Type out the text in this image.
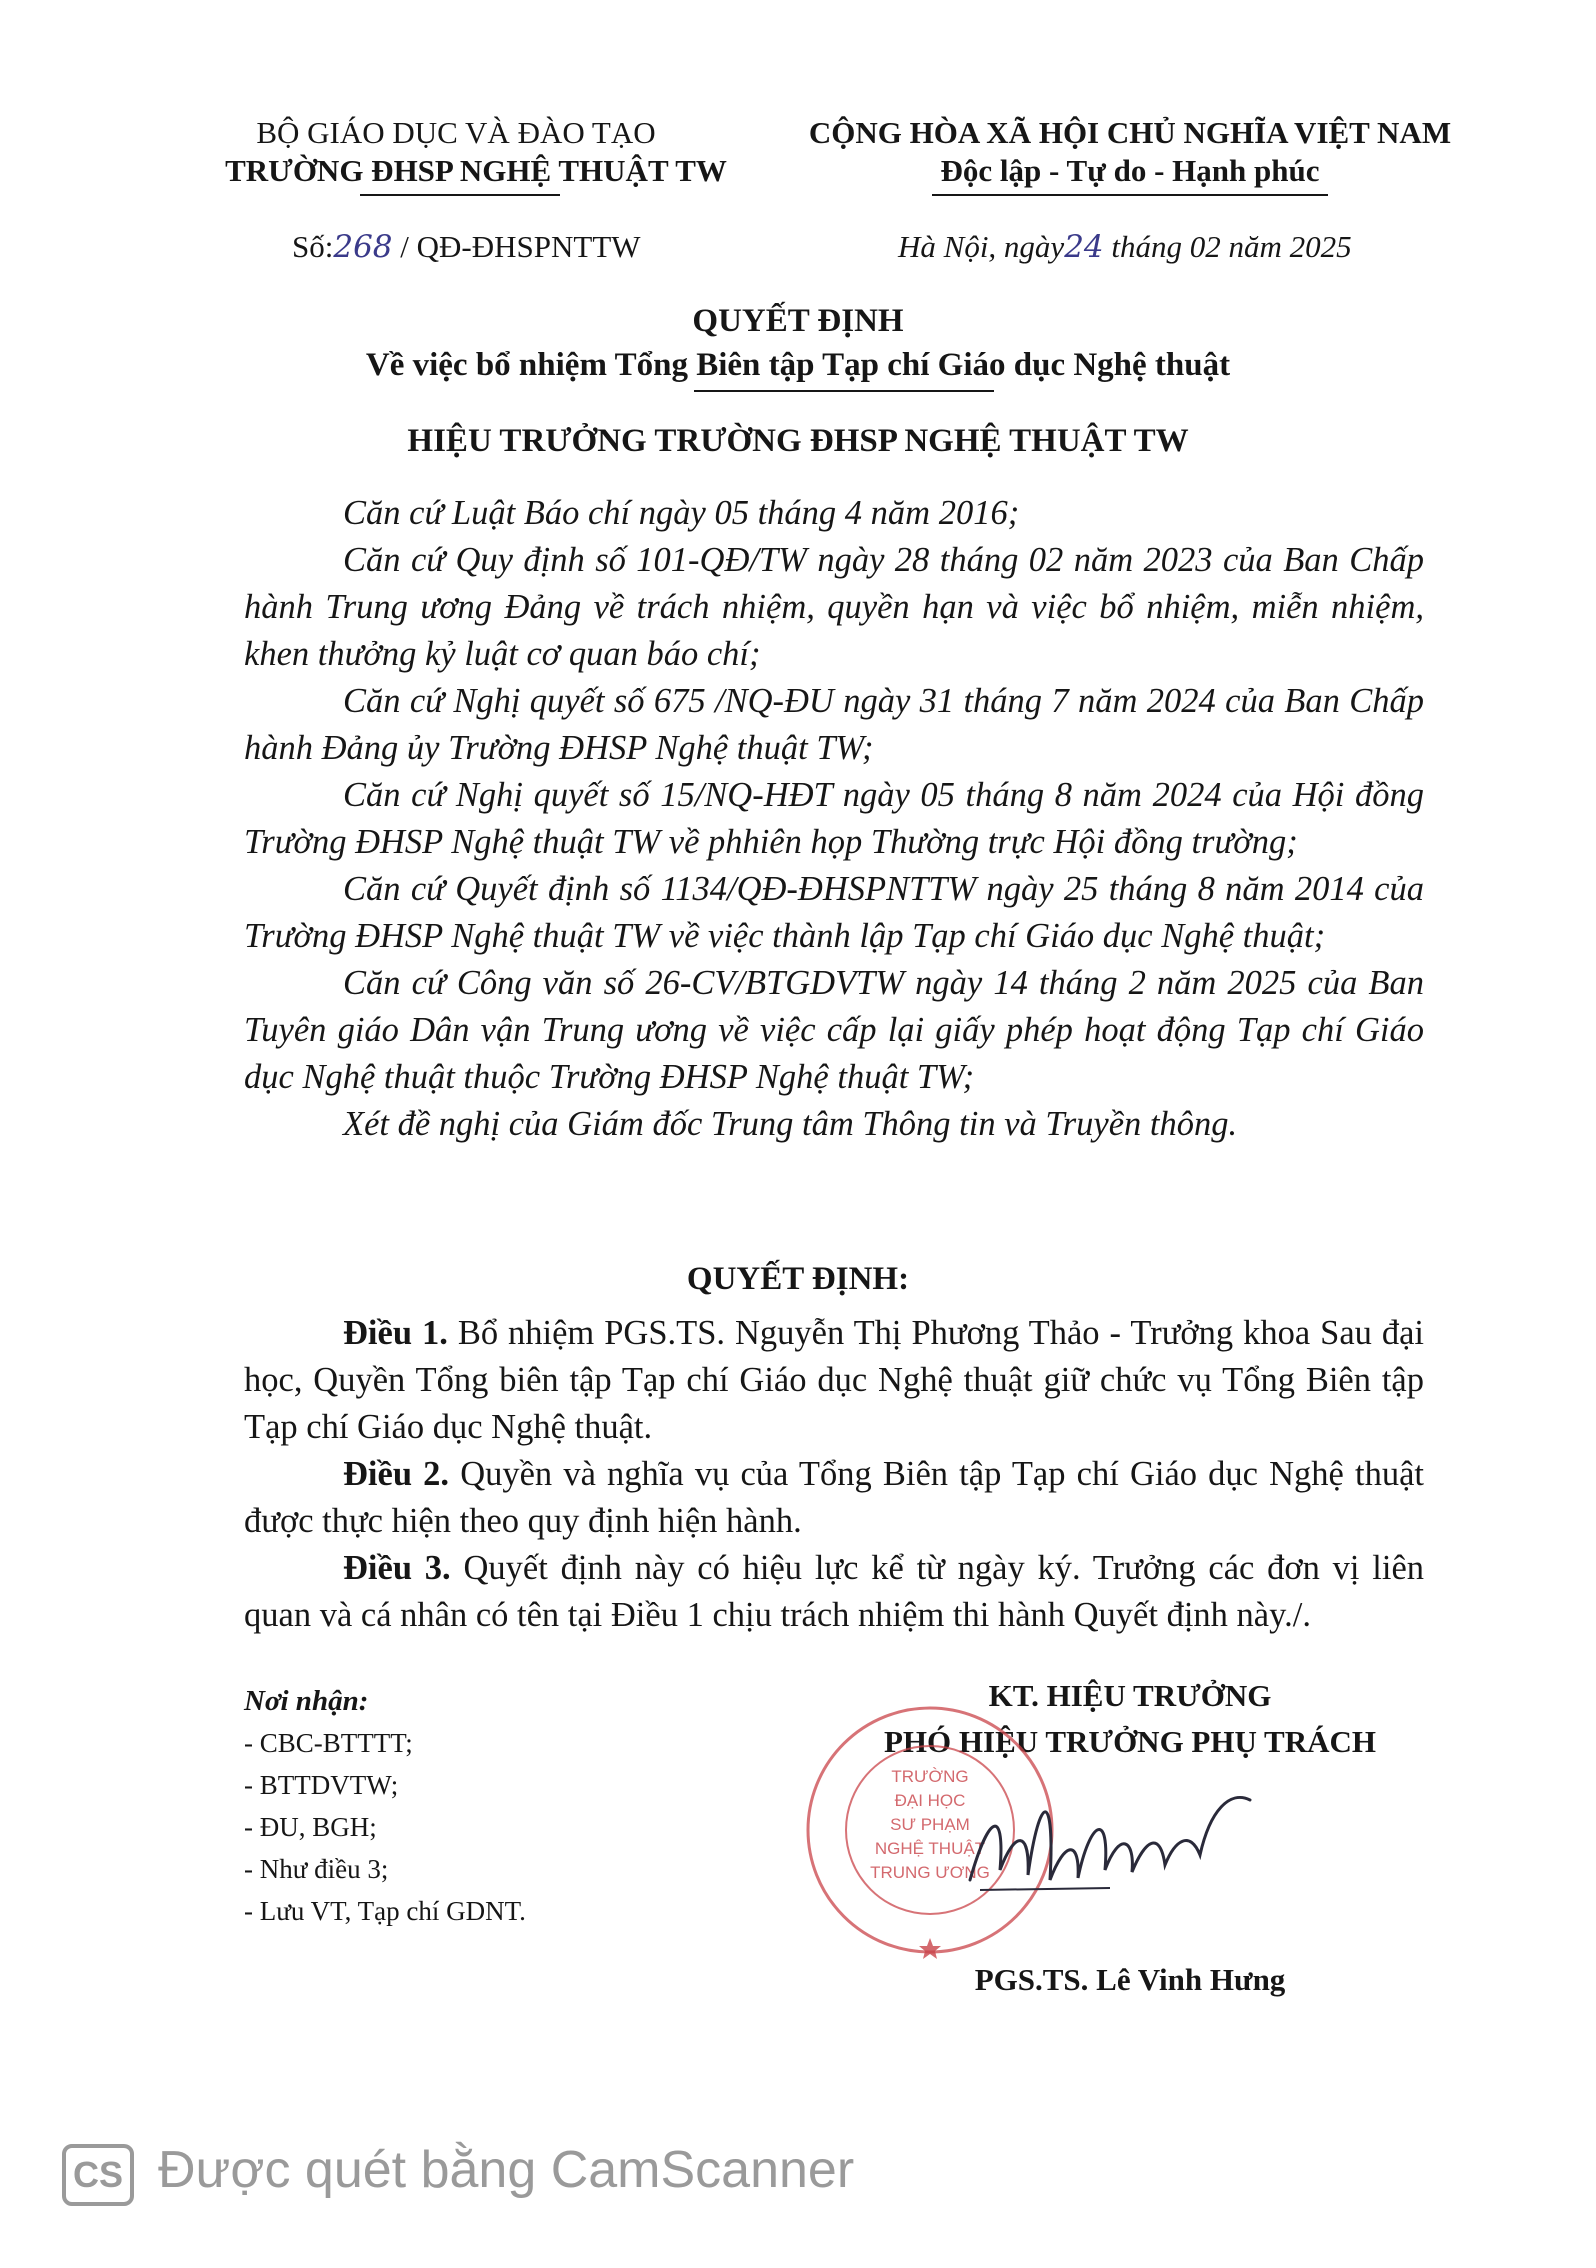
BỘ GIÁO DỤC VÀ ĐÀO TẠO
TRƯỜNG ĐHSP NGHỆ THUẬT TW
CỘNG HÒA XÃ HỘI CHỦ NGHĨA VIỆT NAM
Độc lập - Tự do - Hạnh phúc
Số:268 / QĐ-ĐHSPNTTW	Hà Nội, ngày24 tháng 02 năm 2025
QUYẾT ĐỊNH
Về việc bổ nhiệm Tổng Biên tập Tạp chí Giáo dục Nghệ thuật
HIỆU TRƯỞNG TRƯỜNG ĐHSP NGHỆ THUẬT TW

Căn cứ Luật Báo chí ngày 05 tháng 4 năm 2016;

Căn cứ Quy định số 101-QĐ/TW ngày 28 tháng 02 năm 2023 của Ban Chấp hành Trung ương Đảng về trách nhiệm, quyền hạn và việc bổ nhiệm, miễn nhiệm, khen thưởng kỷ luật cơ quan báo chí;

Căn cứ Nghị quyết số 675 /NQ-ĐU ngày 31 tháng 7 năm 2024 của Ban Chấp hành Đảng ủy Trường ĐHSP Nghệ thuật TW;

Căn cứ Nghị quyết số 15/NQ-HĐT ngày 05 tháng 8 năm 2024 của Hội đồng Trường ĐHSP Nghệ thuật TW về phhiên họp Thường trực Hội đồng trường;

Căn cứ Quyết định số 1134/QĐ-ĐHSPNTTW ngày 25 tháng 8 năm 2014 của Trường ĐHSP Nghệ thuật TW về việc thành lập Tạp chí Giáo dục Nghệ thuật;

Căn cứ Công văn số 26-CV/BTGDVTW ngày 14 tháng 2 năm 2025 của Ban Tuyên giáo Dân vận Trung ương về việc cấp lại giấy phép hoạt động Tạp chí Giáo dục Nghệ thuật thuộc Trường ĐHSP Nghệ thuật TW;

Xét đề nghị của Giám đốc Trung tâm Thông tin và Truyền thông.

QUYẾT ĐỊNH:

Điều 1. Bổ nhiệm PGS.TS. Nguyễn Thị Phương Thảo - Trưởng khoa Sau đại học, Quyền Tổng biên tập Tạp chí Giáo dục Nghệ thuật giữ chức vụ Tổng Biên tập Tạp chí Giáo dục Nghệ thuật.

Điều 2. Quyền và nghĩa vụ của Tổng Biên tập Tạp chí Giáo dục Nghệ thuật được thực hiện theo quy định hiện hành.

Điều 3. Quyết định này có hiệu lực kể từ ngày ký. Trưởng các đơn vị liên quan và cá nhân có tên tại Điều 1 chịu trách nhiệm thi hành Quyết định này./.

Nơi nhận:
- CBC-BTTTT;
- BTTDVTW;
- ĐU, BGH;
- Như điều 3;
- Lưu VT, Tạp chí GDNT.
KT. HIỆU TRƯỞNG
PHÓ HIỆU TRƯỞNG PHỤ TRÁCH
TRƯỜNG
ĐẠI HỌC
SƯ PHẠM
NGHỆ THUẬT
TRUNG ƯƠNG
PGS.TS. Lê Vinh Hưng
CS Được quét bằng CamScanner
